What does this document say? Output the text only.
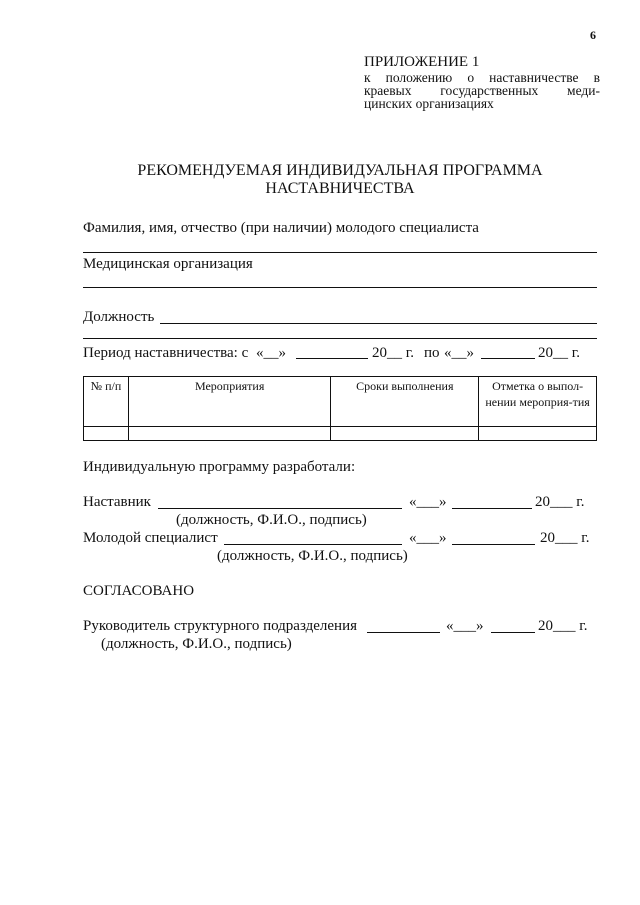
6
ПРИЛОЖЕНИЕ 1
к положению о наставничестве в
краевых государственных меди-
цинских организациях
РЕКОМЕНДУЕМАЯ ИНДИВИДУАЛЬНАЯ ПРОГРАММА
НАСТАВНИЧЕСТВА
Фамилия, имя, отчество (при наличии) молодого специалиста
Медицинская организация
Должность
Период наставничества: с «__»	20__ г. по «__»	20__ г.
№ п/п	Мероприятия	Сроки выполнения	Отметка о выпол-нении мероприя-тия

Индивидуальную программу разработали:
Наставник	«___»	20___ г.
(должность, Ф.И.О., подпись)
Молодой специалист	«___»	20___ г.
(должность, Ф.И.О., подпись)
СОГЛАСОВАНО
Руководитель структурного подразделения	«___»	20___ г.
(должность, Ф.И.О., подпись)
